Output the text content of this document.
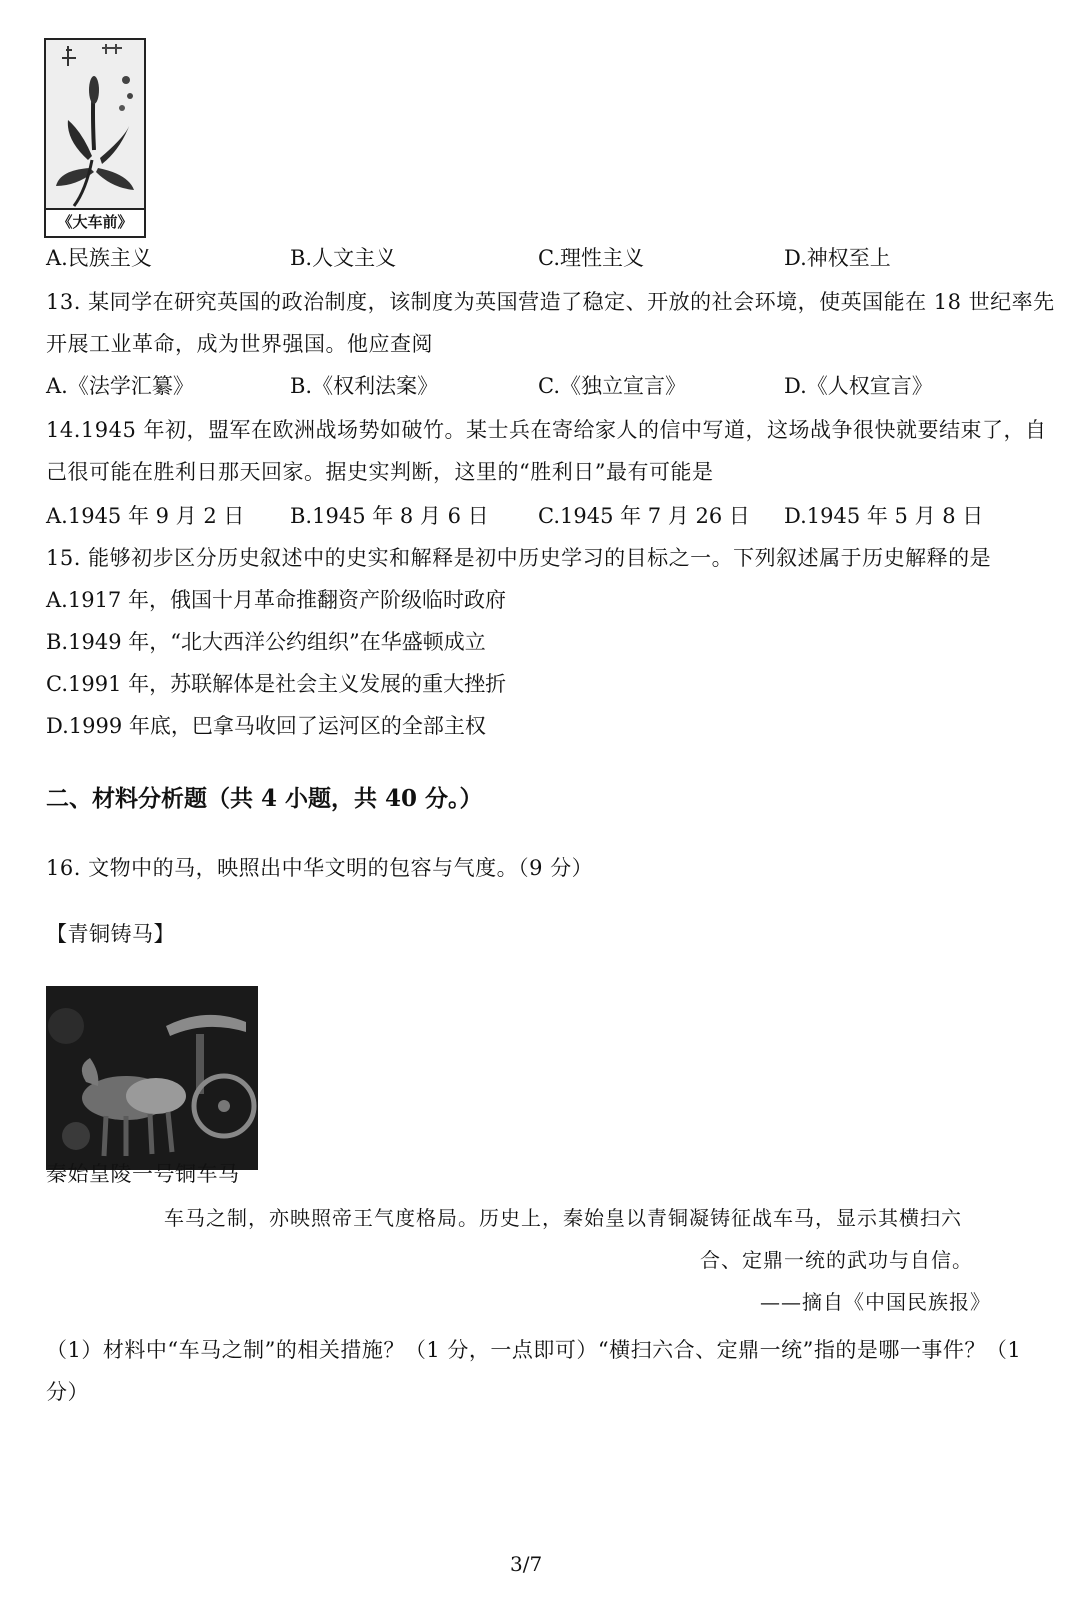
《大车前》
A.民族主义	B.人文主义	C.理性主义	D.神权至上
13. 某同学在研究英国的政治制度，该制度为英国营造了稳定、开放的社会环境，使英国能在 18 世纪率先
开展工业革命，成为世界强国。他应查阅
A.《法学汇纂》	B.《权利法案》	C.《独立宣言》	D.《人权宣言》
14.1945 年初，盟军在欧洲战场势如破竹。某士兵在寄给家人的信中写道，这场战争很快就要结束了，自
己很可能在胜利日那天回家。据史实判断，这里的“胜利日”最有可能是
A.1945 年 9 月 2 日 B.1945 年 8 月 6 日 C.1945 年 7 月 26 日 D.1945 年 5 月 8 日
15. 能够初步区分历史叙述中的史实和解释是初中历史学习的目标之一。下列叙述属于历史解释的是
A.1917 年，俄国十月革命推翻资产阶级临时政府
B.1949 年，“北大西洋公约组织”在华盛顿成立
C.1991 年，苏联解体是社会主义发展的重大挫折
D.1999 年底，巴拿马收回了运河区的全部主权
二、材料分析题（共 4 小题，共 40 分。）
16. 文物中的马，映照出中华文明的包容与气度。（9 分）
【青铜铸马】
秦始皇陵一号铜车马
车马之制，亦映照帝王气度格局。历史上，秦始皇以青铜凝铸征战车马，显示其横扫六
合、定鼎一统的武功与自信。
——摘自《中国民族报》
（1）材料中“车马之制”的相关措施？（1 分，一点即可）“横扫六合、定鼎一统”指的是哪一事件？（1
分）
3/7
